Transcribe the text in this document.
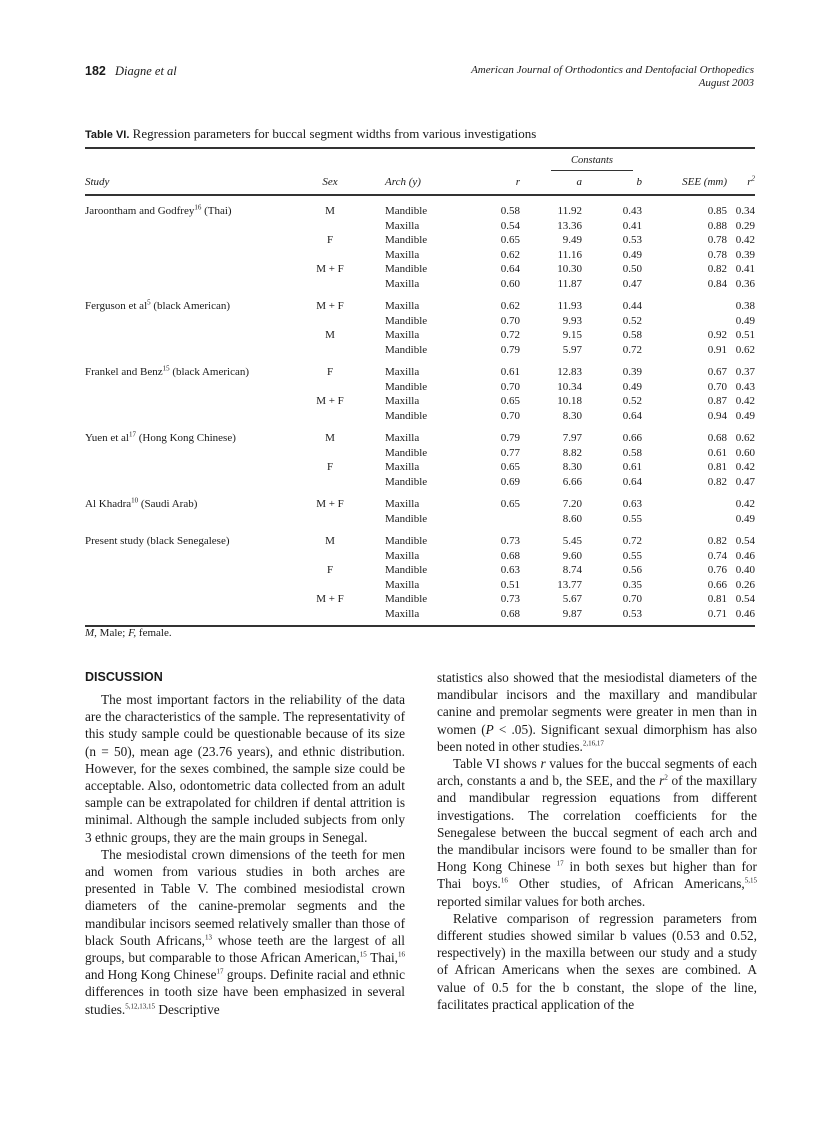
182 Diagne et al	American Journal of Orthodontics and Dentofacial Orthopedics
August 2003
Table VI. Regression parameters for buccal segment widths from various investigations
				Constants			
Study	Sex	Arch (y)	r	a	b	SEE (mm)	$r^2$

Jaroontham and Godfrey$^{16}$ (Thai)	M	Mandible	0.58	11.92	0.43	0.85	0.34
		Maxilla	0.54	13.36	0.41	0.88	0.29
	F	Mandible	0.65	9.49	0.53	0.78	0.42
		Maxilla	0.62	11.16	0.49	0.78	0.39
	M + F	Mandible	0.64	10.30	0.50	0.82	0.41
		Maxilla	0.60	11.87	0.47	0.84	0.36

Ferguson et $al^5$ (black American)	M + F	Maxilla	0.62	11.93	0.44		0.38
		Mandible	0.70	9.93	0.52		0.49
	M	Maxilla	0.72	9.15	0.58	0.92	0.51
		Mandible	0.79	5.97	0.72	0.91	0.62

Frankel and Benz$^{15}$ (black American)	F	Maxilla	0.61	12.83	0.39	0.67	0.37
		Mandible	0.70	10.34	0.49	0.70	0.43
	M + F	Maxilla	0.65	10.18	0.52	0.87	0.42
		Mandible	0.70	8.30	0.64	0.94	0.49

Yuen et $al^{17}$ (Hong Kong Chinese)	M	Maxilla	0.79	7.97	0.66	0.68	0.62
		Mandible	0.77	8.82	0.58	0.61	0.60
	F	Maxilla	0.65	8.30	0.61	0.81	0.42
		Mandible	0.69	6.66	0.64	0.82	0.47

Al Khadra$^{10}$ (Saudi Arab)	M + F	Maxilla	0.65	7.20	0.63		0.42
		Mandible		8.60	0.55		0.49

Present study (black Senegalese)	M	Mandible	0.73	5.45	0.72	0.82	0.54
		Maxilla	0.68	9.60	0.55	0.74	0.46
	F	Mandible	0.63	8.74	0.56	0.76	0.40
		Maxilla	0.51	13.77	0.35	0.66	0.26
	M + F	Mandible	0.73	5.67	0.70	0.81	0.54
		Maxilla	0.68	9.87	0.53	0.71	0.46
M, Male; F, female.
DISCUSSION

The most important factors in the reliability of the data are the characteristics of the sample. The representativity of this study sample could be questionable because of its size (n = 50), mean age (23.76 years), and ethnic distribution. However, for the sexes combined, the sample size could be acceptable. Also, odontometric data collected from an adult sample can be extrapolated for children if dental attrition is minimal. Although the sample included subjects from only 3 ethnic groups, they are the main groups in Senegal.

The mesiodistal crown dimensions of the teeth for men and women from various studies in both arches are presented in Table V. The combined mesiodistal crown diameters of the canine-premolar segments and the mandibular incisors seemed relatively smaller than those of black South Africans,$^{13}$ whose teeth are the largest of all groups, but comparable to those African American,$^{15}$ Thai,$^{16}$ and Hong Kong Chinese$^{17}$ groups. Definite racial and ethnic differences in tooth size have been emphasized in several studies.$^{5,12,13,15}$ Descriptive

statistics also showed that the mesiodistal diameters of the mandibular incisors and the maxillary and mandibular canine and premolar segments were greater in men than in women (P < .05). Significant sexual dimorphism has also been noted in other studies.$^{2,16,17}$

Table VI shows r values for the buccal segments of each arch, constants a and b, the SEE, and the $r^2$ of the maxillary and mandibular regression equations from different investigations. The correlation coefficients for the Senegalese between the buccal segment of each arch and the mandibular incisors were found to be smaller than for Hong Kong Chinese $^{17}$ in both sexes but higher than for Thai boys.$^{16}$ Other studies, of African Americans,$^{5,15}$ reported similar values for both arches.

Relative comparison of regression parameters from different studies showed similar b values (0.53 and 0.52, respectively) in the maxilla between our study and a study of African Americans when the sexes are combined. A value of 0.5 for the b constant, the slope of the line, facilitates practical application of the
